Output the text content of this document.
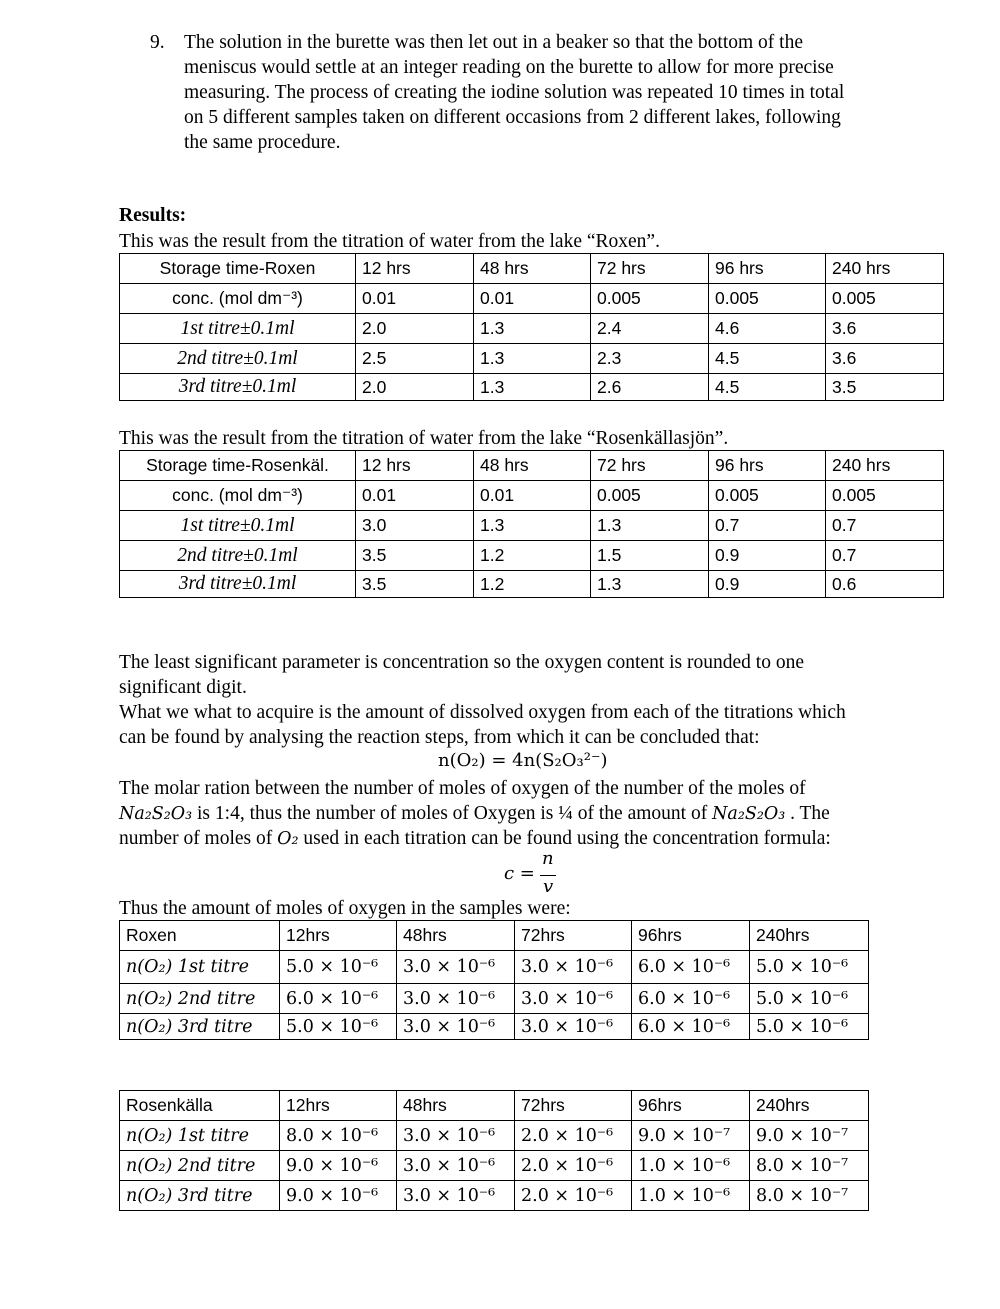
9. The solution in the burette was then let out in a beaker so that the bottom of the
meniscus would settle at an integer reading on the burette to allow for more precise
measuring. The process of creating the iodine solution was repeated 10 times in total
on 5 different samples taken on different occasions from 2 different lakes, following
the same procedure.
Results:
This was the result from the titration of water from the lake “Roxen”.
Storage time-Roxen	12 hrs	48 hrs	72 hrs	96 hrs	240 hrs
conc. (mol dm⁻³)	0.01	0.01	0.005	0.005	0.005
1st titre±0.1ml	2.0	1.3	2.4	4.6	3.6
2nd titre±0.1ml	2.5	1.3	2.3	4.5	3.6
3rd titre±0.1ml	2.0	1.3	2.6	4.5	3.5
This was the result from the titration of water from the lake “Rosenkällasjön”.
Storage time-Rosenkäl.	12 hrs	48 hrs	72 hrs	96 hrs	240 hrs
conc. (mol dm⁻³)	0.01	0.01	0.005	0.005	0.005
1st titre±0.1ml	3.0	1.3	1.3	0.7	0.7
2nd titre±0.1ml	3.5	1.2	1.5	0.9	0.7
3rd titre±0.1ml	3.5	1.2	1.3	0.9	0.6
The least significant parameter is concentration so the oxygen content is rounded to one
significant digit.
What we what to acquire is the amount of dissolved oxygen from each of the titrations which
can be found by analysing the reaction steps, from which it can be concluded that:
n(O₂) = 4n(S₂O₃²⁻)
The molar ration between the number of moles of oxygen of the number of the moles of
Na₂S₂O₃ is 1:4, thus the number of moles of Oxygen is ¼ of the amount of Na₂S₂O₃ . The
number of moles of O₂ used in each titration can be found using the concentration formula:
c =
n
v
Thus the amount of moles of oxygen in the samples were:
Roxen	12hrs	48hrs	72hrs	96hrs	240hrs
n(O₂) 1st titre	5.0 × 10⁻⁶	3.0 × 10⁻⁶	3.0 × 10⁻⁶	6.0 × 10⁻⁶	5.0 × 10⁻⁶
n(O₂) 2nd titre	6.0 × 10⁻⁶	3.0 × 10⁻⁶	3.0 × 10⁻⁶	6.0 × 10⁻⁶	5.0 × 10⁻⁶
n(O₂) 3rd titre	5.0 × 10⁻⁶	3.0 × 10⁻⁶	3.0 × 10⁻⁶	6.0 × 10⁻⁶	5.0 × 10⁻⁶
Rosenkälla	12hrs	48hrs	72hrs	96hrs	240hrs
n(O₂) 1st titre	8.0 × 10⁻⁶	3.0 × 10⁻⁶	2.0 × 10⁻⁶	9.0 × 10⁻⁷	9.0 × 10⁻⁷
n(O₂) 2nd titre	9.0 × 10⁻⁶	3.0 × 10⁻⁶	2.0 × 10⁻⁶	1.0 × 10⁻⁶	8.0 × 10⁻⁷
n(O₂) 3rd titre	9.0 × 10⁻⁶	3.0 × 10⁻⁶	2.0 × 10⁻⁶	1.0 × 10⁻⁶	8.0 × 10⁻⁷
